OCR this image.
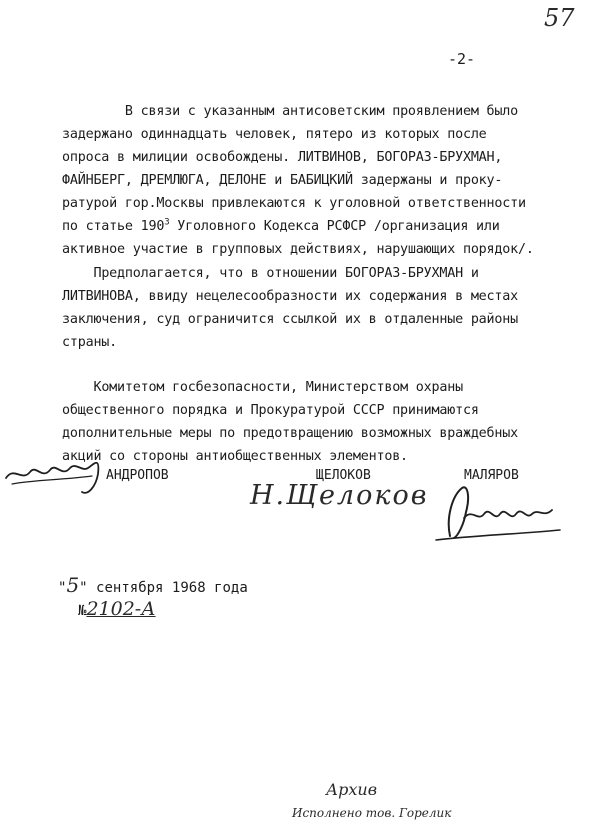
57
-2-
В связи с указанным антисоветским проявлением было
задержано одиннадцать человек, пятеро из которых после
опроса в милиции освобождены. ЛИТВИНОВ, БОГОРАЗ-БРУХМАН,
ФАЙНБЕРГ, ДРЕМЛЮГА, ДЕЛОНЕ и БАБИЦКИЙ задержаны и проку-
ратурой гор.Москвы привлекаются к уголовной ответственности
по статье $190^3$ Уголовного Кодекса РСФСР /организация или
активное участие в групповых действиях, нарушающих порядок/.
Предполагается, что в отношении БОГОРАЗ-БРУХМАН и
ЛИТВИНОВА, ввиду нецелесообразности их содержания в местах
заключения, суд ограничится ссылкой их в отдаленные районы
страны.
Комитетом госбезопасности, Министерством охраны
общественного порядка и Прокуратурой СССР принимаются
дополнительные меры по предотвращению возможных враждебных
акций со стороны антиобщественных элементов.
АНДРОПОВ	ЩЕЛОКОВ
Н.Щелоков
МАЛЯРОВ
"5" сентября 1968 года
№2102-А
Архив
Исполнено тов. Горелик
